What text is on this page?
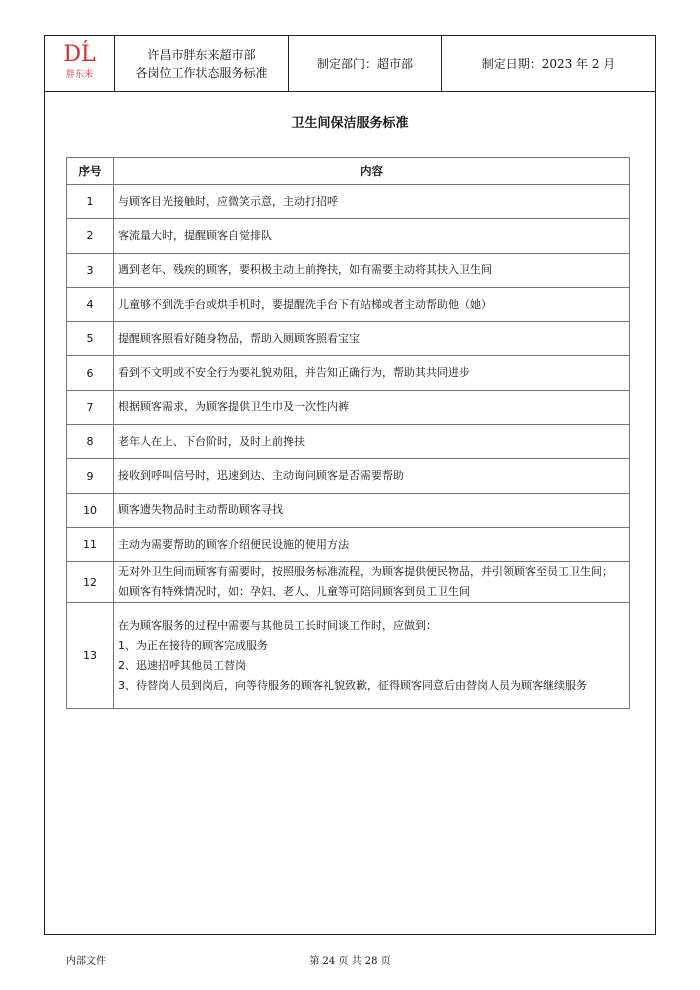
DĹ
胖东来
许昌市胖东来超市部
各岗位工作状态服务标准
制定部门：超市部	制定日期：2023 年 2 月
卫生间保洁服务标准
序号	内容
1	与顾客目光接触时，应微笑示意，主动打招呼

2	客流量大时，提醒顾客自觉排队

3	遇到老年、残疾的顾客，要积极主动上前搀扶，如有需要主动将其扶入卫生间

4	儿童够不到洗手台或烘手机时，要提醒洗手台下有站梯或者主动帮助他（她）

5	提醒顾客照看好随身物品，帮助入厕顾客照看宝宝

6	看到不文明或不安全行为要礼貌劝阻，并告知正确行为，帮助其共同进步

7	根据顾客需求，为顾客提供卫生巾及一次性内裤

8	老年人在上、下台阶时，及时上前搀扶

9	接收到呼叫信号时，迅速到达、主动询问顾客是否需要帮助

10	顾客遗失物品时主动帮助顾客寻找

11	主动为需要帮助的顾客介绍便民设施的使用方法

12	无对外卫生间而顾客有需要时，按照服务标准流程，为顾客提供便民物品，并引领顾客至员工卫生间；
如顾客有特殊情况时，如：孕妇、老人、儿童等可陪同顾客到员工卫生间

13	在为顾客服务的过程中需要与其他员工长时间谈工作时，应做到：
1、为正在接待的顾客完成服务
2、迅速招呼其他员工替岗
3、待替岗人员到岗后，向等待服务的顾客礼貌致歉，征得顾客同意后由替岗人员为顾客继续服务
内部文件	第 24 页 共 28 页
